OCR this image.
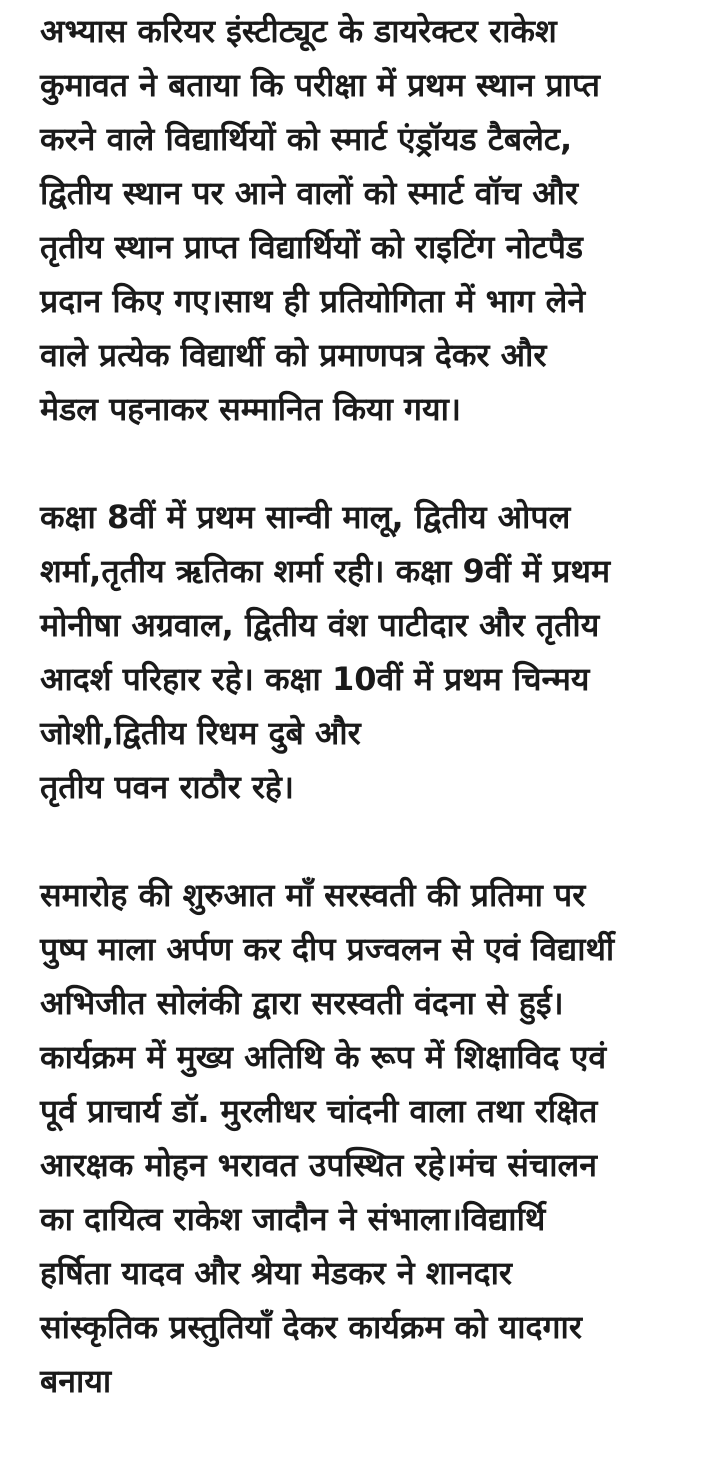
अभ्यास करियर इंस्टीट्यूट के डायरेक्टर राकेश
कुमावत ने बताया कि परीक्षा में प्रथम स्थान प्राप्त
करने वाले विद्यार्थियों को स्मार्ट एंड्रॉयड टैबलेट,
द्वितीय स्थान पर आने वालों को स्मार्ट वॉच और
तृतीय स्थान प्राप्त विद्यार्थियों को राइटिंग नोटपैड
प्रदान किए गए।साथ ही प्रतियोगिता में भाग लेने
वाले प्रत्येक विद्यार्थी को प्रमाणपत्र देकर और
मेडल पहनाकर सम्मानित किया गया।

कक्षा 8वीं में प्रथम सान्वी मालू, द्वितीय ओपल
शर्मा,तृतीय ऋतिका शर्मा रही। कक्षा 9वीं में प्रथम
मोनीषा अग्रवाल, द्वितीय वंश पाटीदार और तृतीय
आदर्श परिहार रहे। कक्षा 10वीं में प्रथम चिन्मय
जोशी,द्वितीय रिधम दुबे और
तृतीय पवन राठौर रहे।

समारोह की शुरुआत माँ सरस्वती की प्रतिमा पर
पुष्प माला अर्पण कर दीप प्रज्वलन से एवं विद्यार्थी
अभिजीत सोलंकी द्वारा सरस्वती वंदना से हुई।
कार्यक्रम में मुख्य अतिथि के रूप में शिक्षाविद एवं
पूर्व प्राचार्य डॉ. मुरलीधर चांदनी वाला तथा रक्षित
आरक्षक मोहन भरावत उपस्थित रहे।मंच संचालन
का दायित्व राकेश जादौन ने संभाला।विद्यार्थि
हर्षिता यादव और श्रेया मेडकर ने शानदार
सांस्कृतिक प्रस्तुतियाँ देकर कार्यक्रम को यादगार
बनाया
